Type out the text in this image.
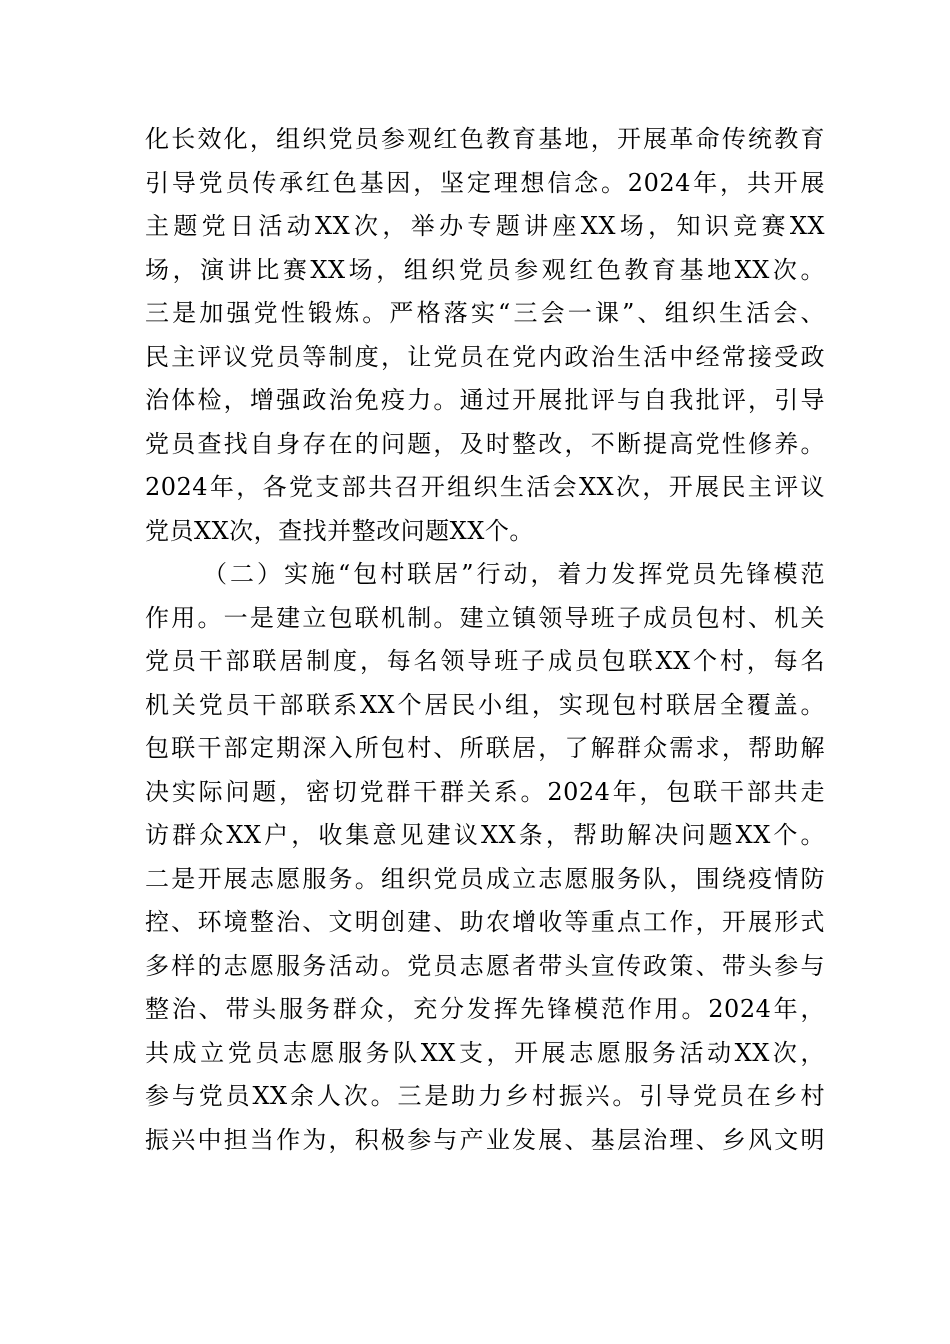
化长效化，组织党员参观红色教育基地，开展革命传统教育
引导党员传承红色基因，坚定理想信念。2024年，共开展
主题党日活动XX次，举办专题讲座XX场，知识竞赛XX
场，演讲比赛XX场，组织党员参观红色教育基地XX次。
三是加强党性锻炼。严格落实“三会一课”、组织生活会、
民主评议党员等制度，让党员在党内政治生活中经常接受政
治体检，增强政治免疫力。通过开展批评与自我批评，引导
党员查找自身存在的问题，及时整改，不断提高党性修养。
2024年，各党支部共召开组织生活会XX次，开展民主评议
党员XX次，查找并整改问题XX个。
（二）实施“包村联居”行动，着力发挥党员先锋模范
作用。一是建立包联机制。建立镇领导班子成员包村、机关
党员干部联居制度，每名领导班子成员包联XX个村，每名
机关党员干部联系XX个居民小组，实现包村联居全覆盖。
包联干部定期深入所包村、所联居，了解群众需求，帮助解
决实际问题，密切党群干群关系。2024年，包联干部共走
访群众XX户，收集意见建议XX条，帮助解决问题XX个。
二是开展志愿服务。组织党员成立志愿服务队，围绕疫情防
控、环境整治、文明创建、助农增收等重点工作，开展形式
多样的志愿服务活动。党员志愿者带头宣传政策、带头参与
整治、带头服务群众，充分发挥先锋模范作用。2024年，
共成立党员志愿服务队XX支，开展志愿服务活动XX次，
参与党员XX余人次。三是助力乡村振兴。引导党员在乡村
振兴中担当作为，积极参与产业发展、基层治理、乡风文明
